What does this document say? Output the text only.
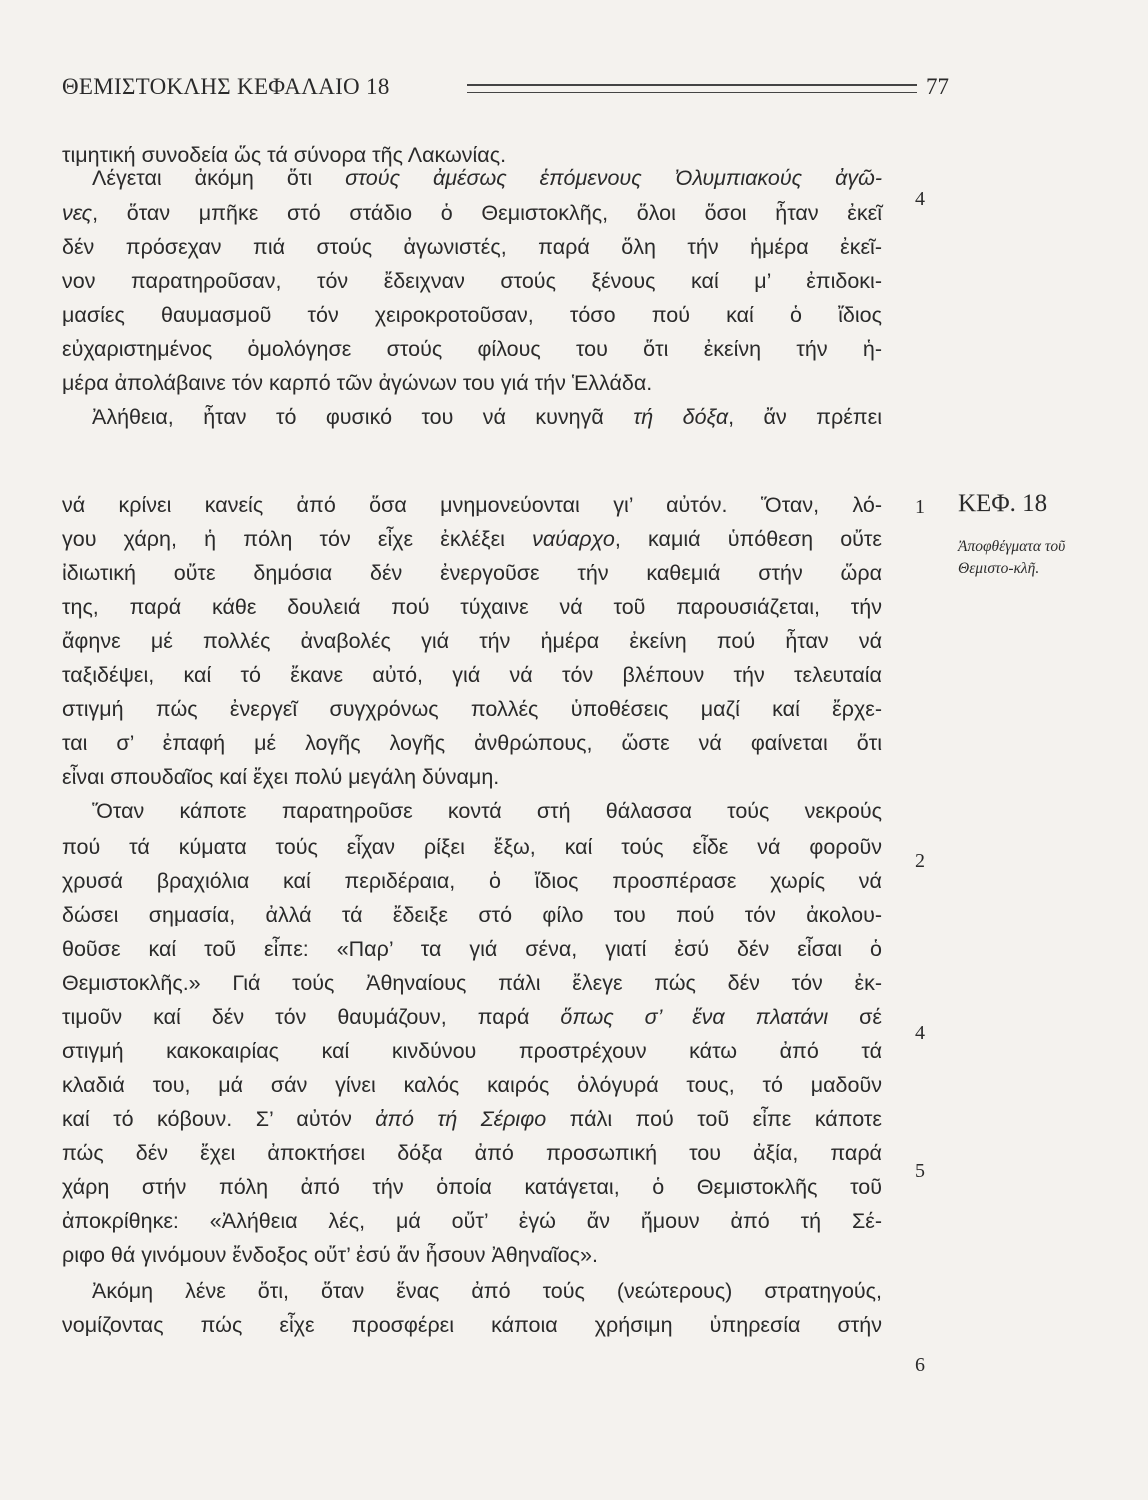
ΘΕΜΙΣΤΟΚΛΗΣ ΚΕΦΑΛΑΙΟ 18	77
τιμητική συνοδεία ὥς τά σύνορα τῆς Λακωνίας.
Λέγεται ἀκόμη ὅτι στούς ἀμέσως ἑπόμενους Ὀλυμπιακούς ἀγῶ-
νες, ὅταν μπῆκε στό στάδιο ὁ Θεμιστοκλῆς, ὅλοι ὅσοι ἦταν ἐκεῖ
δέν πρόσεχαν πιά στούς ἀγωνιστές, παρά ὅλη τήν ἡμέρα ἐκεῖ-
νον παρατηροῦσαν, τόν ἔδειχναν στούς ξένους καί μ’ ἐπιδοκι-
μασίες θαυμασμοῦ τόν χειροκροτοῦσαν, τόσο πού καί ὁ ἴδιος
εὐχαριστημένος ὁμολόγησε στούς φίλους του ὅτι ἐκείνη τήν ἡ-
μέρα ἀπολάβαινε τόν καρπό τῶν ἀγώνων του γιά τήν Ἑλλάδα.
Ἀλήθεια, ἦταν τό φυσικό του νά κυνηγᾶ τή δόξα, ἄν πρέπει
νά κρίνει κανείς ἀπό ὅσα μνημονεύονται γι’ αὐτόν. Ὅταν, λό-
γου χάρη, ἡ πόλη τόν εἶχε ἐκλέξει ναύαρχο, καμιά ὑπόθεση οὔτε
ἰδιωτική οὔτε δημόσια δέν ἐνεργοῦσε τήν καθεμιά στήν ὥρα
της, παρά κάθε δουλειά πού τύχαινε νά τοῦ παρουσιάζεται, τήν
ἄφηνε μέ πολλές ἀναβολές γιά τήν ἡμέρα ἐκείνη πού ἦταν νά
ταξιδέψει, καί τό ἔκανε αὐτό, γιά νά τόν βλέπουν τήν τελευταία
στιγμή πώς ἐνεργεῖ συγχρόνως πολλές ὑποθέσεις μαζί καί ἔρχε-
ται σ’ ἐπαφή μέ λογῆς λογῆς ἀνθρώπους, ὥστε νά φαίνεται ὅτι
εἶναι σπουδαῖος καί ἔχει πολύ μεγάλη δύναμη.
Ὅταν κάποτε παρατηροῦσε κοντά στή θάλασσα τούς νεκρούς
πού τά κύματα τούς εἶχαν ρίξει ἔξω, καί τούς εἶδε νά φοροῦν
χρυσά βραχιόλια καί περιδέραια, ὁ ἴδιος προσπέρασε χωρίς νά
δώσει σημασία, ἀλλά τά ἔδειξε στό φίλο του πού τόν ἀκολου-
θοῦσε καί τοῦ εἶπε: «Παρ’ τα γιά σένα, γιατί ἐσύ δέν εἶσαι ὁ
Θεμιστοκλῆς.» Γιά τούς Ἀθηναίους πάλι ἔλεγε πώς δέν τόν ἐκ-
τιμοῦν καί δέν τόν θαυμάζουν, παρά ὅπως σ’ ἕνα πλατάνι σέ
στιγμή κακοκαιρίας καί κινδύνου προστρέχουν κάτω ἀπό τά
κλαδιά του, μά σάν γίνει καλός καιρός ὁλόγυρά τους, τό μαδοῦν
καί τό κόβουν. Σ’ αὐτόν ἀπό τή Σέριφο πάλι πού τοῦ εἶπε κάποτε
πώς δέν ἔχει ἀποκτήσει δόξα ἀπό προσωπική του ἀξία, παρά
χάρη στήν πόλη ἀπό τήν ὁποία κατάγεται, ὁ Θεμιστοκλῆς τοῦ
ἀποκρίθηκε: «Ἀλήθεια λές, μά οὔτ’ ἐγώ ἄν ἤμουν ἀπό τή Σέ-
ριφο θά γινόμουν ἔνδοξος οὔτ’ ἐσύ ἄν ἦσουν Ἀθηναῖος».
Ἀκόμη λένε ὅτι, ὅταν ἕνας ἀπό τούς (νεώτερους) στρατηγούς,
νομίζοντας πώς εἶχε προσφέρει κάποια χρήσιμη ὑπηρεσία στήν
4
1
2
4
5
6
ΚΕΦ. 18
Ἀποφθέγματα τοῦ Θεμιστο-κλῆ.
